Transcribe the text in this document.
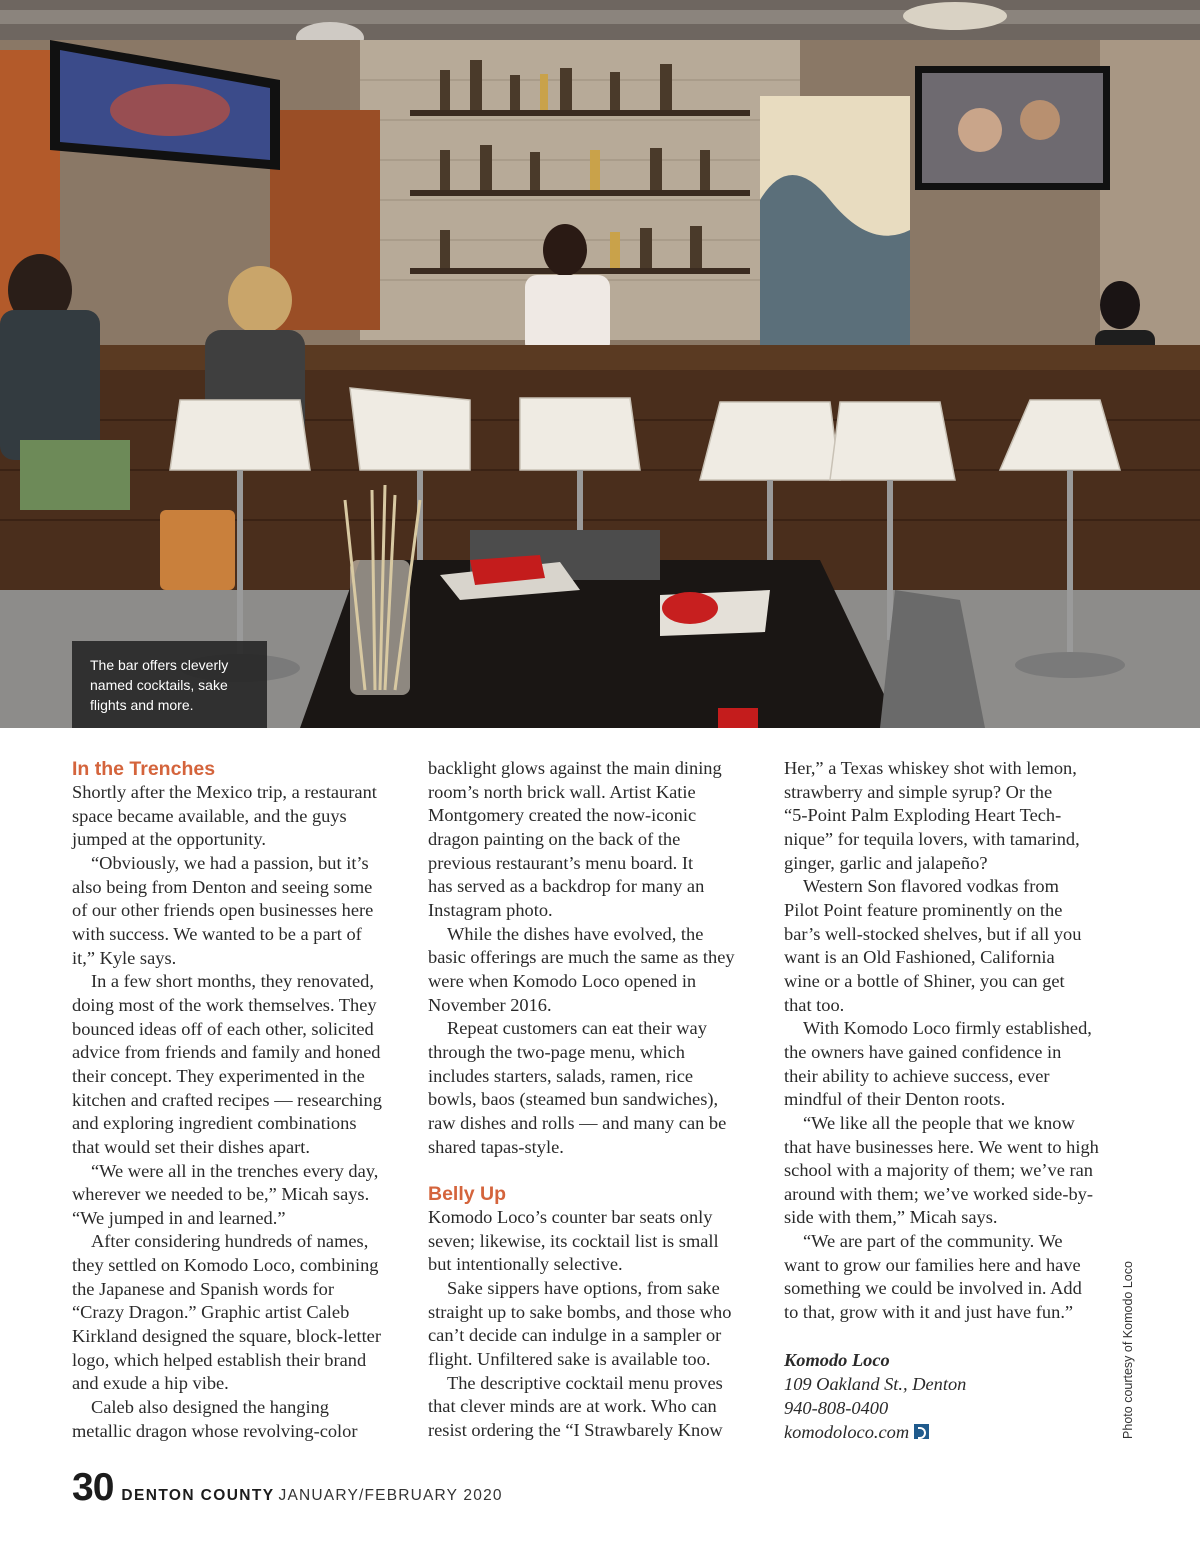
The bar offers cleverly named cocktails, sake flights and more.

In the Trenches

Shortly after the Mexico trip, a restaurant

space became available, and the guys

jumped at the opportunity.

“Obviously, we had a passion, but it’s

also being from Denton and seeing some

of our other friends open businesses here

with success. We wanted to be a part of

it,” Kyle says.

In a few short months, they renovated,

doing most of the work themselves. They

bounced ideas off of each other, solicited

advice from friends and family and honed

their concept. They experimented in the

kitchen and crafted recipes — researching

and exploring ingredient combinations

that would set their dishes apart.

“We were all in the trenches every day,

wherever we needed to be,” Micah says.

“We jumped in and learned.”

After considering hundreds of names,

they settled on Komodo Loco, combining

the Japanese and Spanish words for

“Crazy Dragon.” Graphic artist Caleb

Kirkland designed the square, block-letter

logo, which helped establish their brand

and exude a hip vibe.

Caleb also designed the hanging

metallic dragon whose revolving-color

backlight glows against the main dining

room’s north brick wall. Artist Katie

Montgomery created the now-iconic

dragon painting on the back of the

previous restaurant’s menu board. It

has served as a backdrop for many an

Instagram photo.

While the dishes have evolved, the

basic offerings are much the same as they

were when Komodo Loco opened in

November 2016.

Repeat customers can eat their way

through the two-page menu, which

includes starters, salads, ramen, rice

bowls, baos (steamed bun sandwiches),

raw dishes and rolls — and many can be

shared tapas-style.

Belly Up

Komodo Loco’s counter bar seats only

seven; likewise, its cocktail list is small

but intentionally selective.

Sake sippers have options, from sake

straight up to sake bombs, and those who

can’t decide can indulge in a sampler or

flight. Unfiltered sake is available too.

The descriptive cocktail menu proves

that clever minds are at work. Who can

resist ordering the “I Strawbarely Know

Her,” a Texas whiskey shot with lemon,

strawberry and simple syrup? Or the

“5-Point Palm Exploding Heart Tech-

nique” for tequila lovers, with tamarind,

ginger, garlic and jalapeño?

Western Son flavored vodkas from

Pilot Point feature prominently on the

bar’s well-stocked shelves, but if all you

want is an Old Fashioned, California

wine or a bottle of Shiner, you can get

that too.

With Komodo Loco firmly established,

the owners have gained confidence in

their ability to achieve success, ever

mindful of their Denton roots.

“We like all the people that we know

that have businesses here. We went to high

school with a majority of them; we’ve ran

around with them; we’ve worked side-by-

side with them,” Micah says.

“We are part of the community. We

want to grow our families here and have

something we could be involved in. Add

to that, grow with it and just have fun.”

Komodo Loco

109 Oakland St., Denton

940-808-0400

komodoloco.com	Photo courtesy of Komodo Loco
30 DENTON COUNTY JANUARY/FEBRUARY 2020
